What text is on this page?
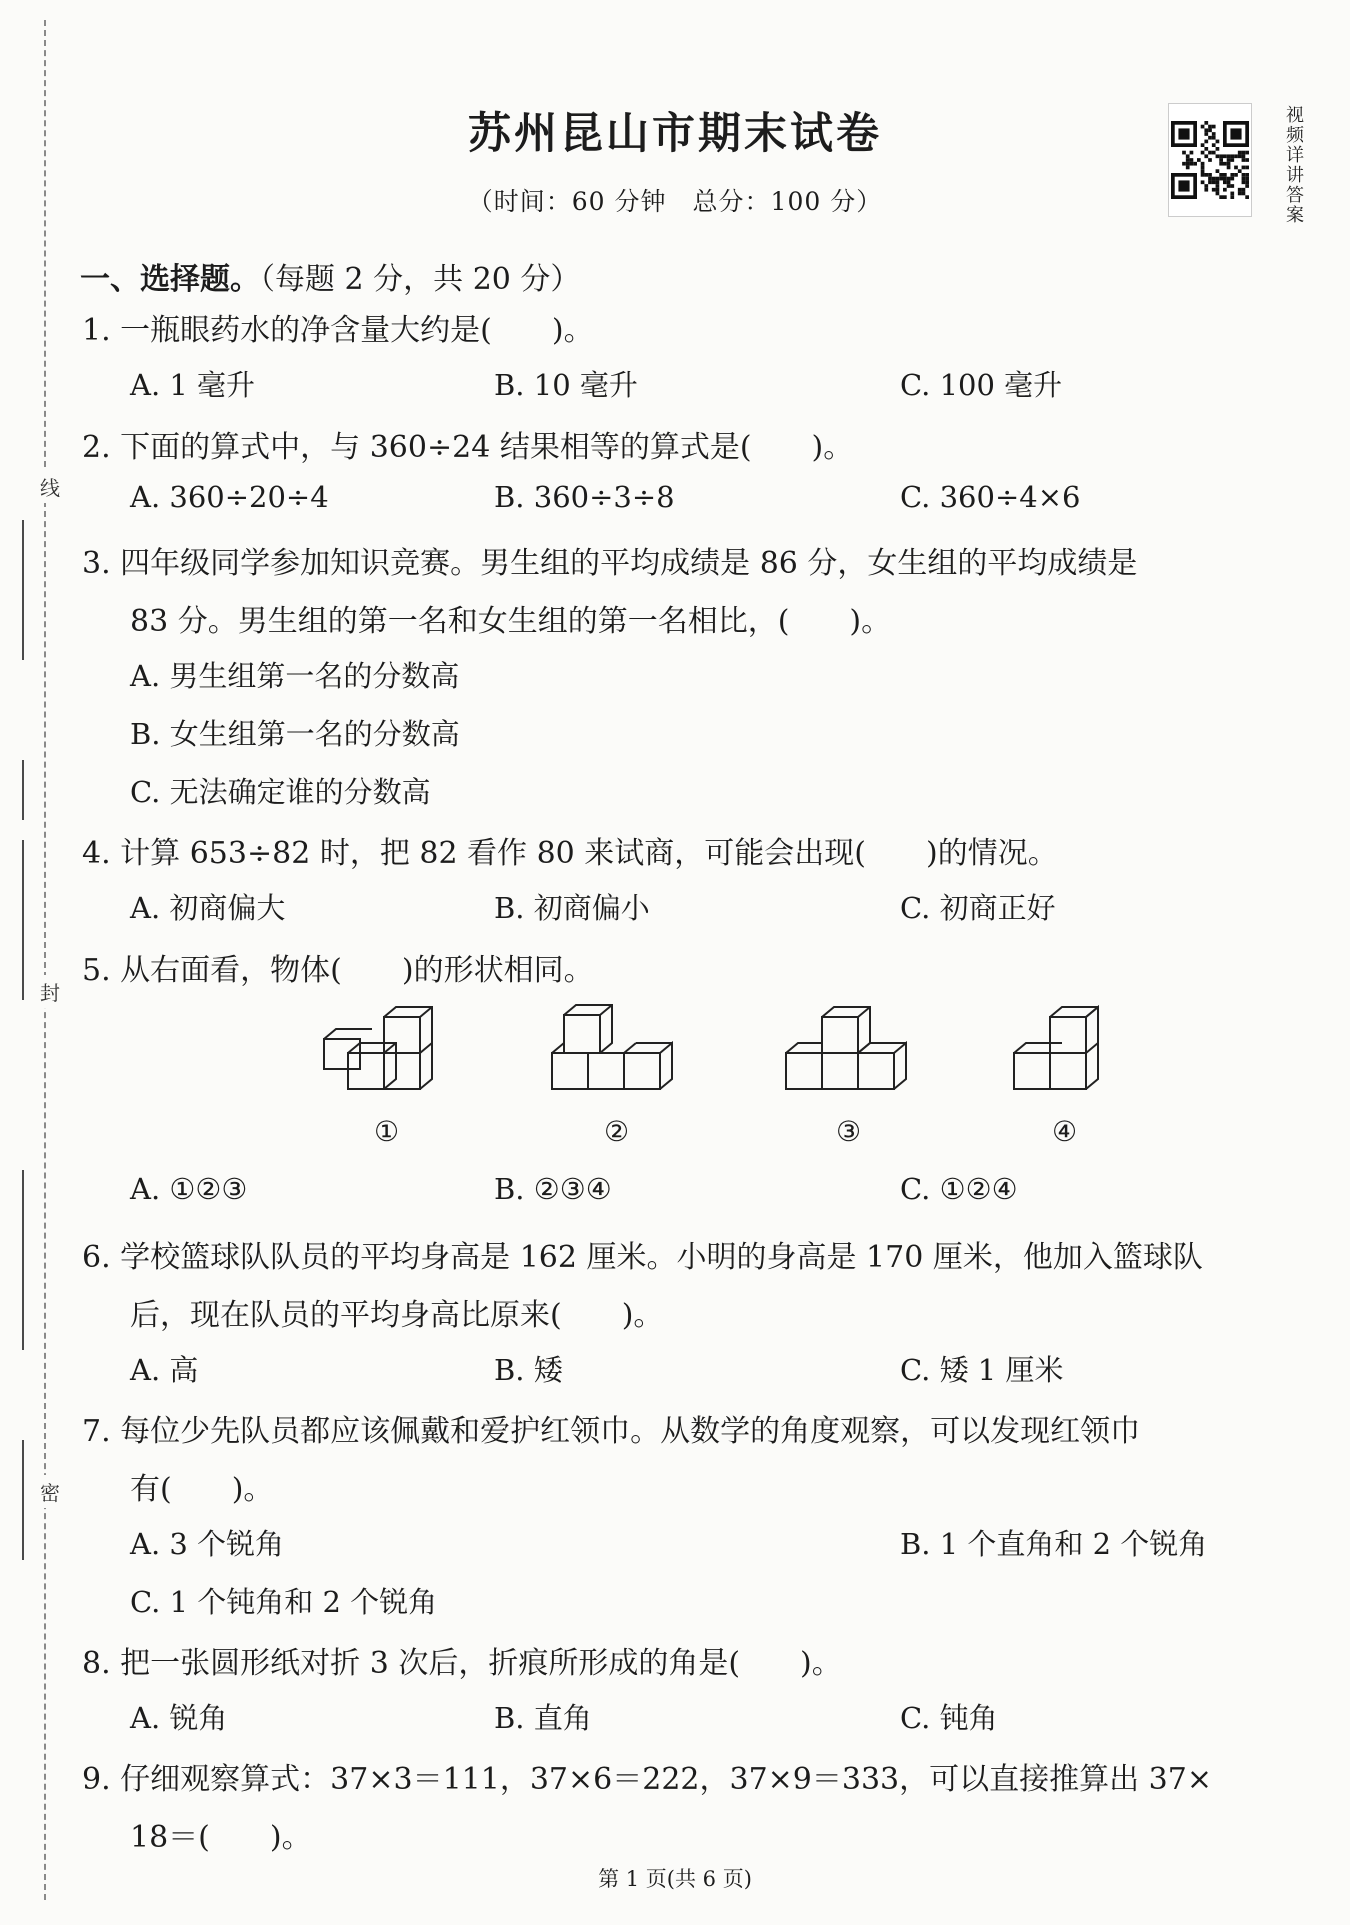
线
封
密
苏州昆山市期末试卷
（时间：60 分钟　总分：100 分）
视频详讲答案
一、选择题。（每题 2 分，共 20 分）
1. 一瓶眼药水的净含量大约是(　　)。
A. 1 毫升	B. 10 毫升	C. 100 毫升
2. 下面的算式中，与 360÷24 结果相等的算式是(　　)。
A. 360÷20÷4	B. 360÷3÷8	C. 360÷4×6
3. 四年级同学参加知识竞赛。男生组的平均成绩是 86 分，女生组的平均成绩是
83 分。男生组的第一名和女生组的第一名相比，(　　)。
A. 男生组第一名的分数高
B. 女生组第一名的分数高
C. 无法确定谁的分数高
4. 计算 653÷82 时，把 82 看作 80 来试商，可能会出现(　　)的情况。
A. 初商偏大	B. 初商偏小	C. 初商正好
5. 从右面看，物体(　　)的形状相同。
①	②	③	④
A. ①②③	B. ②③④	C. ①②④
6. 学校篮球队队员的平均身高是 162 厘米。小明的身高是 170 厘米，他加入篮球队
后，现在队员的平均身高比原来(　　)。
A. 高	B. 矮	C. 矮 1 厘米
7. 每位少先队员都应该佩戴和爱护红领巾。从数学的角度观察，可以发现红领巾
有(　　)。
A. 3 个锐角	B. 1 个直角和 2 个锐角
C. 1 个钝角和 2 个锐角
8. 把一张圆形纸对折 3 次后，折痕所形成的角是(　　)。
A. 锐角	B. 直角	C. 钝角
9. 仔细观察算式：37×3＝111，37×6＝222，37×9＝333，可以直接推算出 37×
18＝(　　)。
第 1 页(共 6 页)
